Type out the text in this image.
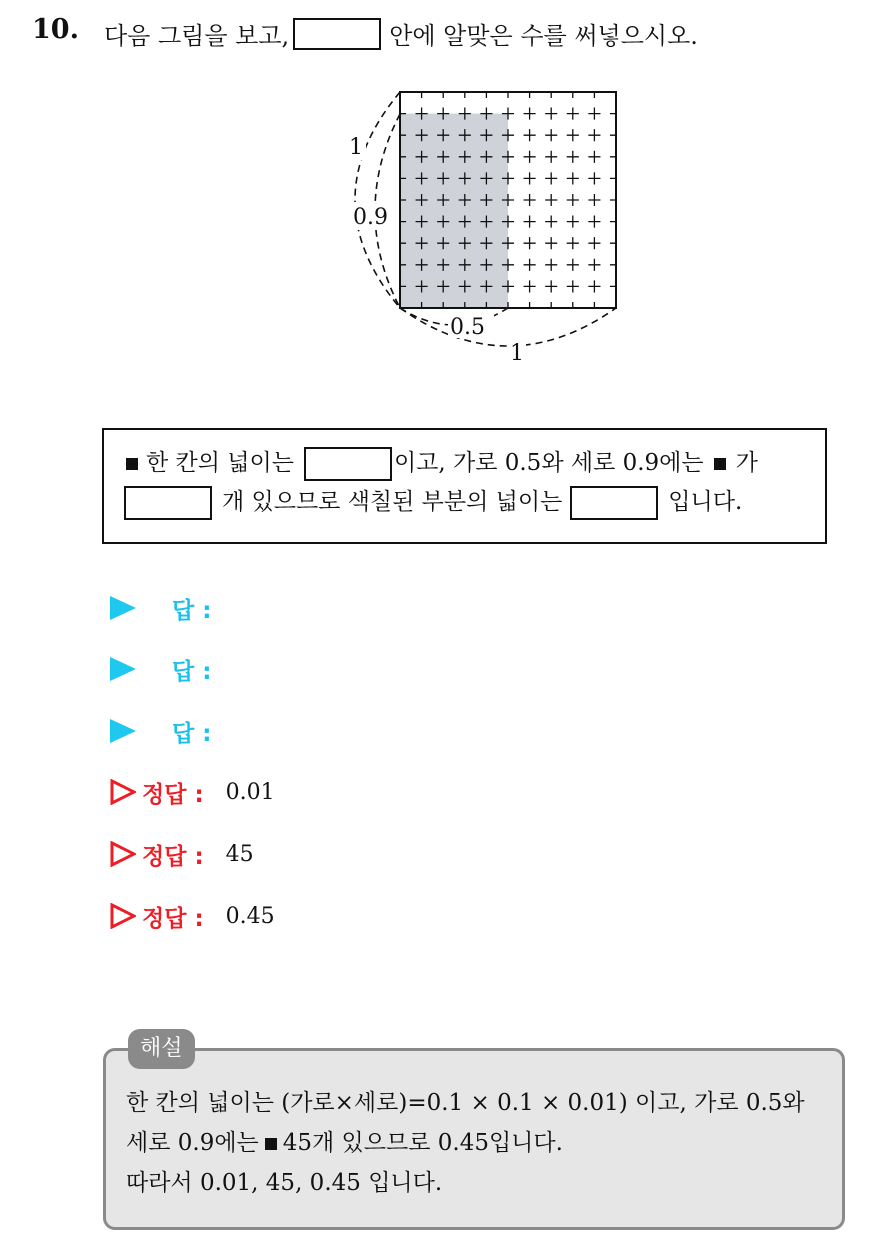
10. 다음 그림을 보고,	안에 알맞은 수를 써넣으시오.
1
0.9
0.5
1
한 칸의 넓이는	이고, 가로 0.5와 세로 0.9에는 가
개 있으므로 색칠된 부분의 넓이는	입니다.
답 :
답 :
답 :
정답 : 0.01
정답 : 45
정답 : 0.45
한 칸의 넓이는 (가로×세로)=0.1 × 0.1 × 0.01) 이고, 가로 0.5와
세로 0.9에는 45개 있으므로 0.45입니다.
따라서 0.01, 45, 0.45 입니다.
해설
